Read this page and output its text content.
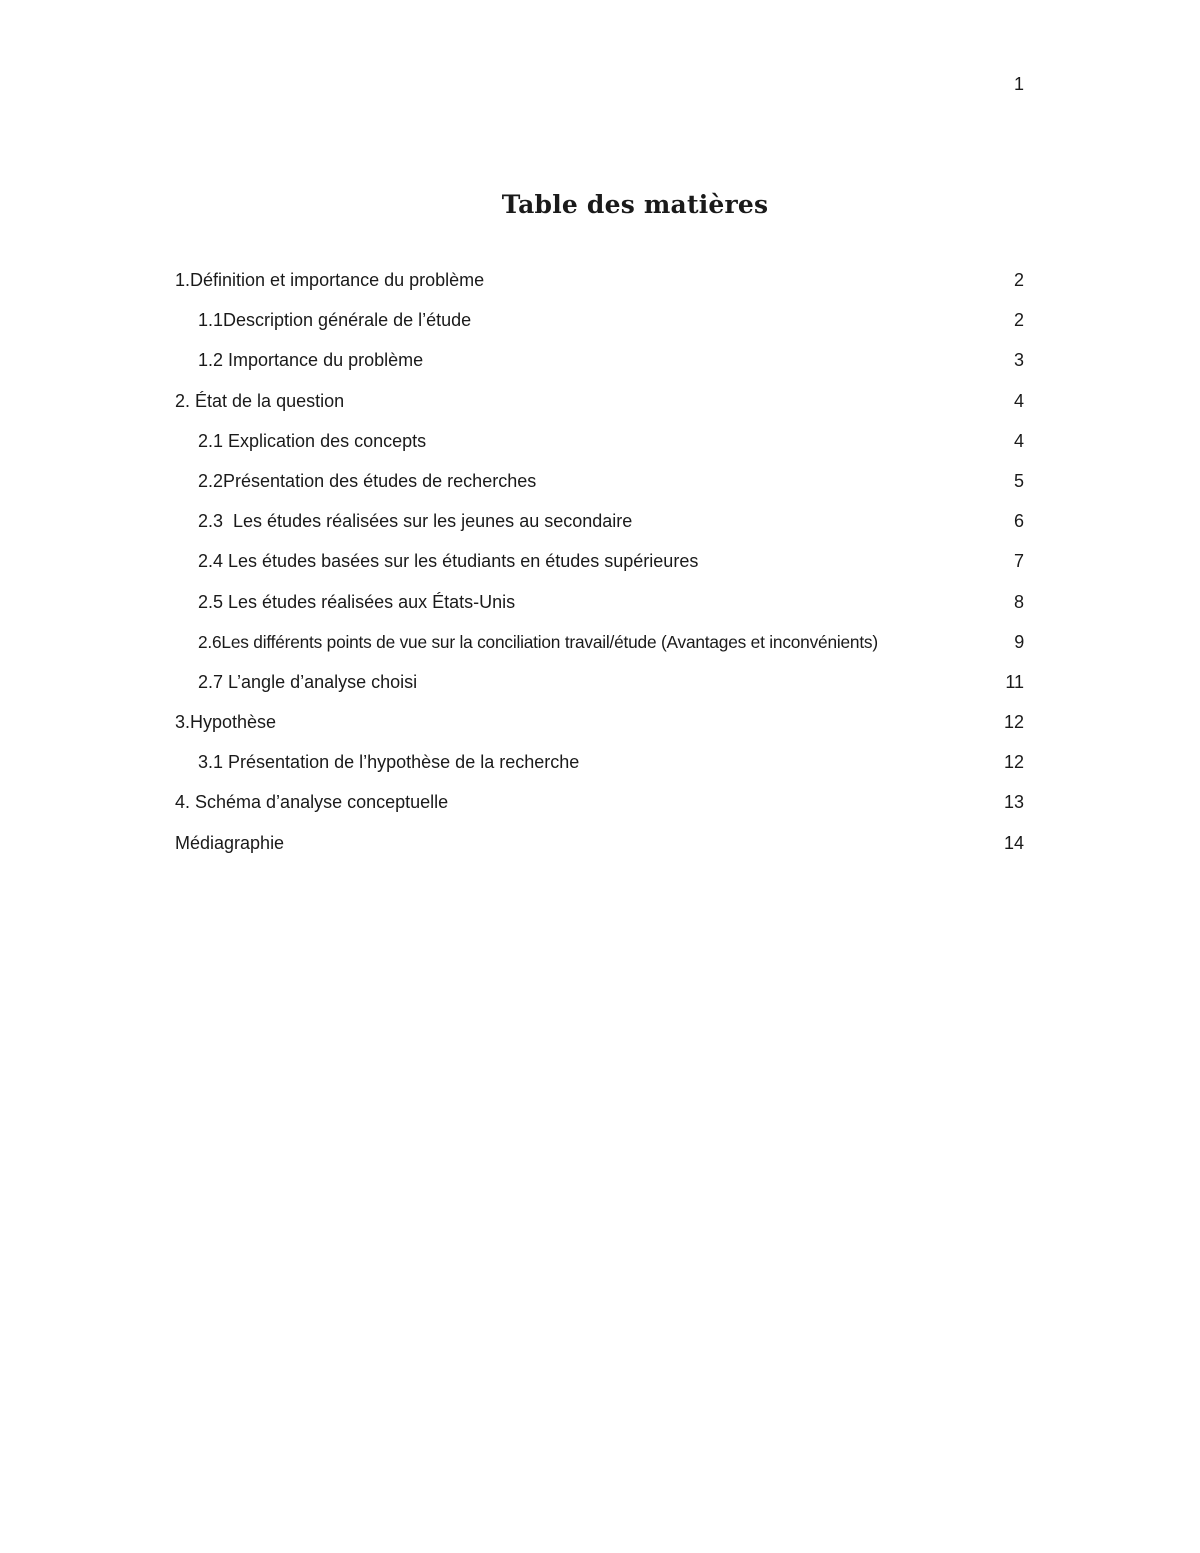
1
Table des matières
1.Définition et importance du problème	2
1.1Description générale de l’étude	2
1.2 Importance du problème	3
2. État de la question	4
2.1 Explication des concepts	4
2.2Présentation des études de recherches	5
2.3  Les études réalisées sur les jeunes au secondaire	6
2.4 Les études basées sur les étudiants en études supérieures	7
2.5 Les études réalisées aux États-Unis	8
2.6Les différents points de vue sur la conciliation travail/étude (Avantages et inconvénients)	9
2.7 L’angle d’analyse choisi	11
3.Hypothèse	12
3.1 Présentation de l’hypothèse de la recherche	12
4. Schéma d’analyse conceptuelle	13
Médiagraphie	14
